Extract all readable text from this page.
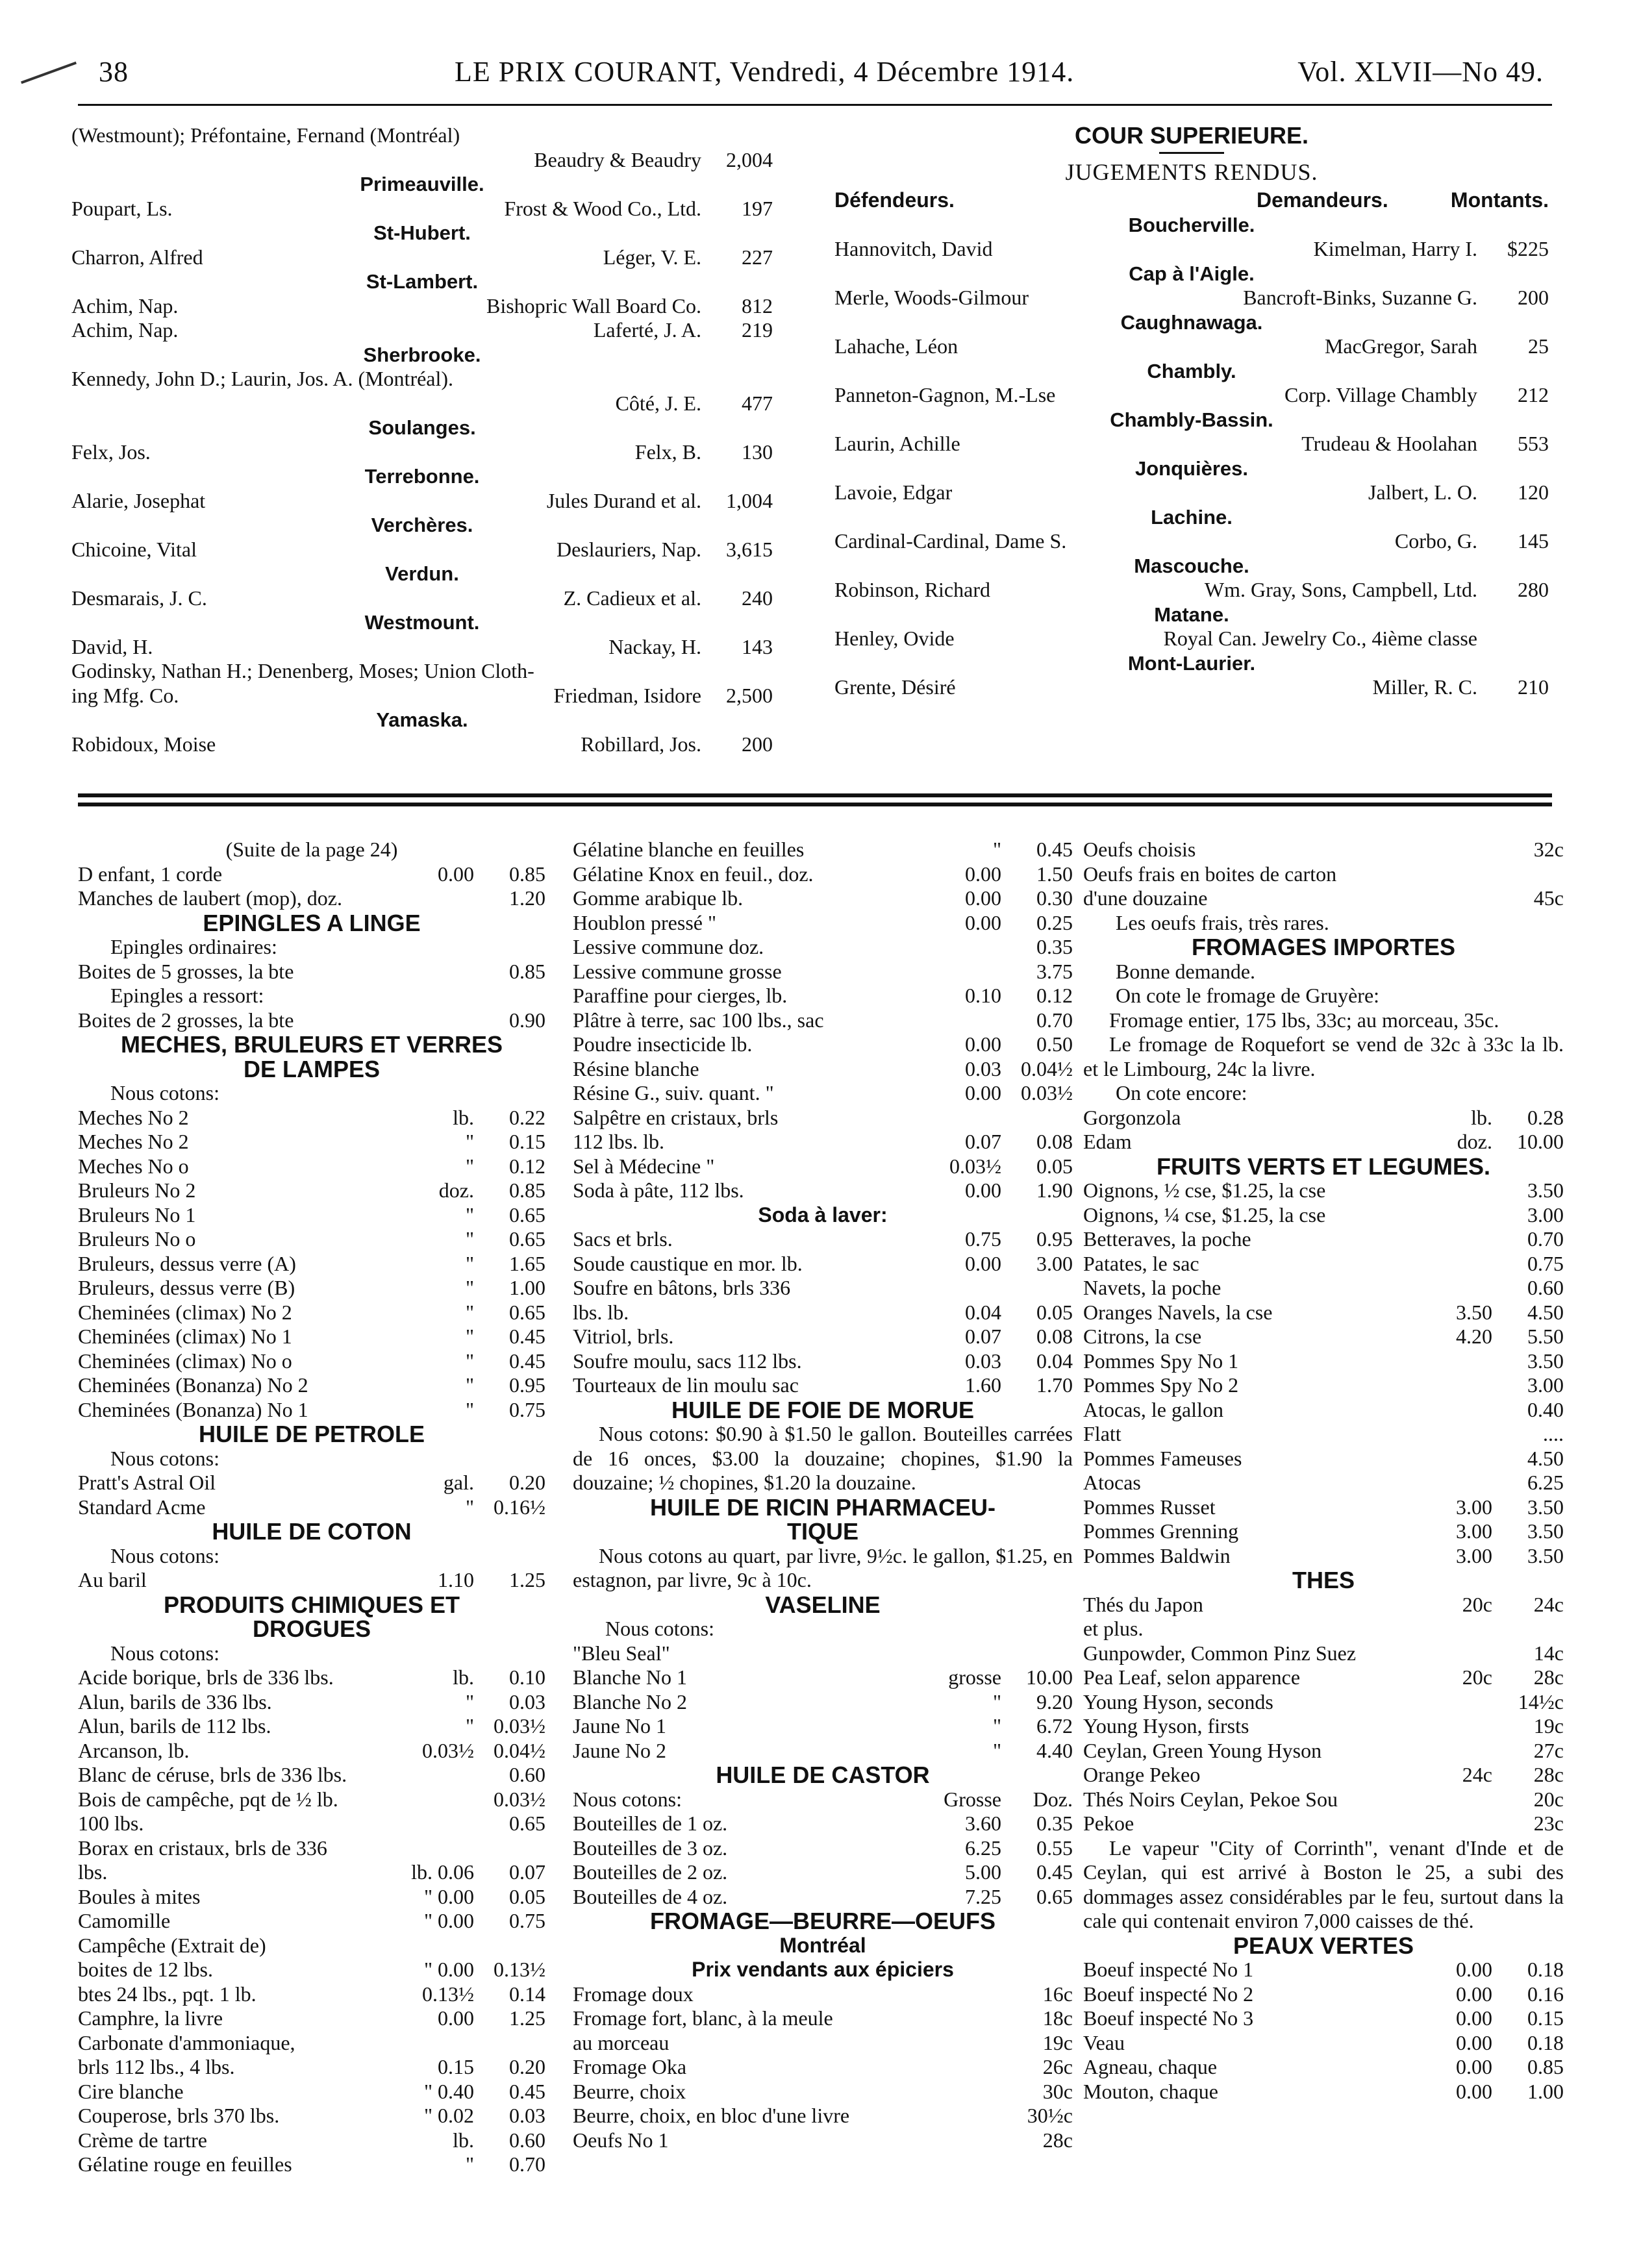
38	LE PRIX COURANT, Vendredi, 4 Décembre 1914.	Vol. XLVII—No 49.
(Westmount); Préfontaine, Fernand (Montréal)
Beaudry & Beaudry 2,004
Primeauville.
Poupart, Ls.	Frost & Wood Co., Ltd. 197
St-Hubert.
Charron, Alfred	Léger, V. E. 227
St-Lambert.
Achim, Nap.	Bishopric Wall Board Co. 812
Achim, Nap.	Laferté, J. A. 219
Sherbrooke.
Kennedy, John D.; Laurin, Jos. A. (Montréal).
Côté, J. E. 477
Soulanges.
Felx, Jos.	Felx, B. 130
Terrebonne.
Alarie, Josephat	Jules Durand et al. 1,004
Verchères.
Chicoine, Vital	Deslauriers, Nap. 3,615
Verdun.
Desmarais, J. C.	Z. Cadieux et al. 240
Westmount.
David, H.	Nackay, H. 143
Godinsky, Nathan H.; Denenberg, Moses; Union Cloth-
ing Mfg. Co.	Friedman, Isidore 2,500
Yamaska.
Robidoux, Moise	Robillard, Jos. 200
COUR SUPERIEURE.
JUGEMENTS RENDUS.
Défendeurs.	Demandeurs.	Montants.
Boucherville.
Hannovitch, David	Kimelman, Harry I. $225
Cap à l'Aigle.
Merle, Woods-Gilmour	Bancroft-Binks, Suzanne G. 200
Caughnawaga.
Lahache, Léon	MacGregor, Sarah 25
Chambly.
Panneton-Gagnon, M.-Lse	Corp. Village Chambly 212
Chambly-Bassin.
Laurin, Achille	Trudeau & Hoolahan 553
Jonquières.
Lavoie, Edgar	Jalbert, L. O. 120
Lachine.
Cardinal-Cardinal, Dame S.	Corbo, G. 145
Mascouche.
Robinson, Richard	Wm. Gray, Sons, Campbell, Ltd. 280
Matane.
Henley, Ovide	Royal Can. Jewelry Co., 4ième classe
Mont-Laurier.
Grente, Désiré	Miller, R. C. 210
(Suite de la page 24)
D enfant, 1 corde	0.00 0.85
Manches de laubert (mop), doz.	1.20
EPINGLES A LINGE
Epingles ordinaires:
Boites de 5 grosses, la bte	0.85
Epingles a ressort:
Boites de 2 grosses, la bte	0.90
MECHES, BRULEURS ET VERRES
DE LAMPES
Nous cotons:
Meches No 2	lb. 0.22
Meches No 2	" 0.15
Meches No o	" 0.12
Bruleurs No 2	doz. 0.85
Bruleurs No 1	" 0.65
Bruleurs No o	" 0.65
Bruleurs, dessus verre (A)	" 1.65
Bruleurs, dessus verre (B)	" 1.00
Cheminées (climax) No 2	" 0.65
Cheminées (climax) No 1	" 0.45
Cheminées (climax) No o	" 0.45
Cheminées (Bonanza) No 2	" 0.95
Cheminées (Bonanza) No 1	" 0.75
HUILE DE PETROLE
Nous cotons:
Pratt's Astral Oil	gal. 0.20
Standard Acme	" 0.16½
HUILE DE COTON
Nous cotons:
Au baril	1.10 1.25
PRODUITS CHIMIQUES ET
DROGUES
Nous cotons:
Acide borique, brls de 336 lbs.	lb. 0.10
Alun, barils de 336 lbs.	" 0.03
Alun, barils de 112 lbs.	" 0.03½
Arcanson, lb.	0.03½ 0.04½
Blanc de céruse, brls de 336 lbs.	0.60
Bois de campêche, pqt de ½ lb.	0.03½
100 lbs.	0.65
Borax en cristaux, brls de 336
lbs.	lb. 0.06 0.07
Boules à mites	" 0.00 0.05
Camomille	" 0.00 0.75
Campêche (Extrait de)
boites de 12 lbs.	" 0.00 0.13½
btes 24 lbs., pqt. 1 lb.	0.13½ 0.14
Camphre, la livre	0.00 1.25
Carbonate d'ammoniaque,
brls 112 lbs., 4 lbs.	0.15 0.20
Cire blanche	" 0.40 0.45
Couperose, brls 370 lbs.	" 0.02 0.03
Crème de tartre	lb. 0.60
Gélatine rouge en feuilles	" 0.70
Gélatine blanche en feuilles	" 0.45
Gélatine Knox en feuil., doz.	0.00 1.50
Gomme arabique lb.	0.00 0.30
Houblon pressé "	0.00 0.25
Lessive commune doz.	0.35
Lessive commune grosse	3.75
Paraffine pour cierges, lb.	0.10 0.12
Plâtre à terre, sac 100 lbs., sac	0.70
Poudre insecticide lb.	0.00 0.50
Résine blanche	0.03 0.04½
Résine G., suiv. quant. "	0.00 0.03½
Salpêtre en cristaux, brls
112 lbs. lb.	0.07 0.08
Sel à Médecine "	0.03½ 0.05
Soda à pâte, 112 lbs.	0.00 1.90
Soda à laver:
Sacs et brls.	0.75 0.95
Soude caustique en mor. lb.	0.00 3.00
Soufre en bâtons, brls 336
lbs. lb.	0.04 0.05
Vitriol, brls.	0.07 0.08
Soufre moulu, sacs 112 lbs.	0.03 0.04
Tourteaux de lin moulu sac	1.60 1.70
HUILE DE FOIE DE MORUE
Nous cotons: $0.90 à $1.50 le gallon. Bouteilles carrées de 16 onces, $3.00 la douzaine; chopines, $1.90 la douzaine; ½ chopines, $1.20 la douzaine.
HUILE DE RICIN PHARMACEU-
TIQUE
Nous cotons au quart, par livre, 9½c. le gallon, $1.25, en estagnon, par livre, 9c à 10c.
VASELINE
Nous cotons:
"Bleu Seal"
Blanche No 1	grosse 10.00
Blanche No 2	" 9.20
Jaune No 1	" 6.72
Jaune No 2	" 4.40
HUILE DE CASTOR
Nous cotons:	Grosse Doz.
Bouteilles de 1 oz.	3.60 0.35
Bouteilles de 3 oz.	6.25 0.55
Bouteilles de 2 oz.	5.00 0.45
Bouteilles de 4 oz.	7.25 0.65
FROMAGE—BEURRE—OEUFS
Montréal
Prix vendants aux épiciers
Fromage doux	16c
Fromage fort, blanc, à la meule	18c
au morceau	19c
Fromage Oka	26c
Beurre, choix	30c
Beurre, choix, en bloc d'une livre	30½c
Oeufs No 1	28c
Oeufs choisis	32c
Oeufs frais en boites de carton
d'une douzaine	45c
Les oeufs frais, très rares.
FROMAGES IMPORTES
Bonne demande.
On cote le fromage de Gruyère:
Fromage entier, 175 lbs, 33c; au morceau, 35c.
Le fromage de Roquefort se vend de 32c à 33c la lb. et le Limbourg, 24c la livre.
On cote encore:
Gorgonzola	lb. 0.28
Edam	doz. 10.00
FRUITS VERTS ET LEGUMES.
Oignons, ½ cse, $1.25, la cse	3.50
Oignons, ¼ cse, $1.25, la cse	3.00
Betteraves, la poche	0.70
Patates, le sac	0.75
Navets, la poche	0.60
Oranges Navels, la cse	3.50 4.50
Citrons, la cse	4.20 5.50
Pommes Spy No 1	3.50
Pommes Spy No 2	3.00
Atocas, le gallon	0.40
Flatt	....
Pommes Fameuses	4.50
Atocas	6.25
Pommes Russet	3.00 3.50
Pommes Grenning	3.00 3.50
Pommes Baldwin	3.00 3.50
THES
Thés du Japon	20c 24c
et plus.
Gunpowder, Common Pinz Suez	14c
Pea Leaf, selon apparence	20c 28c
Young Hyson, seconds	14½c
Young Hyson, firsts	19c
Ceylan, Green Young Hyson	27c
Orange Pekeo	24c 28c
Thés Noirs Ceylan, Pekoe Sou	20c
Pekoe	23c
Le vapeur "City of Corrinth", venant d'Inde et de Ceylan, qui est arrivé à Boston le 25, a subi des dommages assez considérables par le feu, surtout dans la cale qui contenait environ 7,000 caisses de thé.
PEAUX VERTES
Boeuf inspecté No 1	0.00 0.18
Boeuf inspecté No 2	0.00 0.16
Boeuf inspecté No 3	0.00 0.15
Veau	0.00 0.18
Agneau, chaque	0.00 0.85
Mouton, chaque	0.00 1.00
